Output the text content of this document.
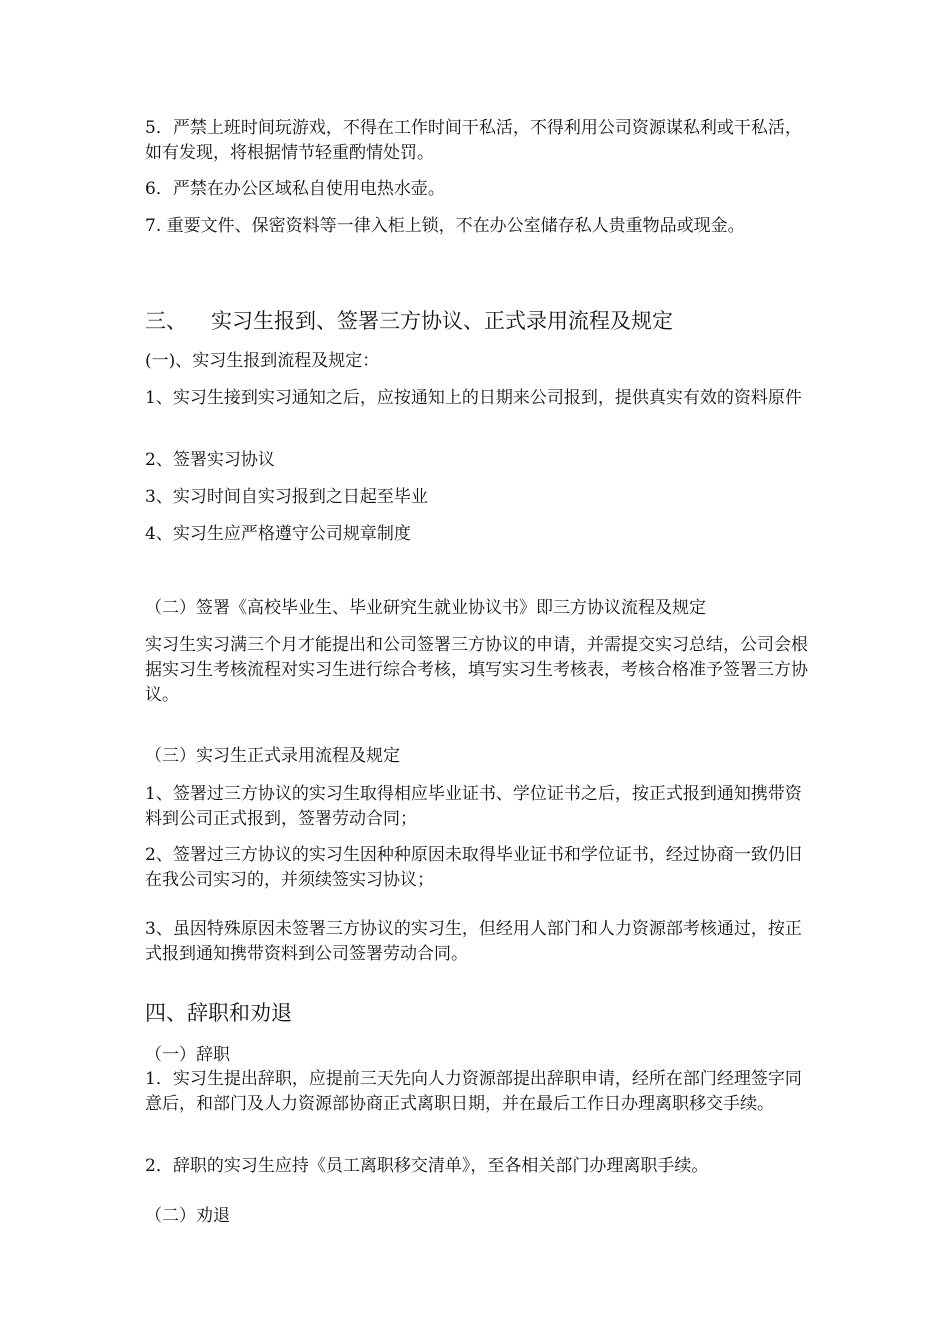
5．严禁上班时间玩游戏，不得在工作时间干私活，不得利用公司资源谋私利或干私活，如有发现，将根据情节轻重酌情处罚。
6．严禁在办公区域私自使用电热水壶。
7. 重要文件、保密资料等一律入柜上锁，不在办公室储存私人贵重物品或现金。
三、 实习生报到、签署三方协议、正式录用流程及规定
(一)、实习生报到流程及规定：
1、实习生接到实习通知之后，应按通知上的日期来公司报到，提供真实有效的资料原件
2、签署实习协议
3、实习时间自实习报到之日起至毕业
4、实习生应严格遵守公司规章制度
（二）签署《高校毕业生、毕业研究生就业协议书》即三方协议流程及规定
实习生实习满三个月才能提出和公司签署三方协议的申请，并需提交实习总结，公司会根据实习生考核流程对实习生进行综合考核，填写实习生考核表，考核合格准予签署三方协议。
（三）实习生正式录用流程及规定
1、签署过三方协议的实习生取得相应毕业证书、学位证书之后，按正式报到通知携带资料到公司正式报到，签署劳动合同；
2、签署过三方协议的实习生因种种原因未取得毕业证书和学位证书，经过协商一致仍旧在我公司实习的，并须续签实习协议；
3、虽因特殊原因未签署三方协议的实习生，但经用人部门和人力资源部考核通过，按正式报到通知携带资料到公司签署劳动合同。
四、辞职和劝退
（一）辞职
1．实习生提出辞职，应提前三天先向人力资源部提出辞职申请，经所在部门经理签字同意后，和部门及人力资源部协商正式离职日期，并在最后工作日办理离职移交手续。
2．辞职的实习生应持《员工离职移交清单》，至各相关部门办理离职手续。
（二）劝退
